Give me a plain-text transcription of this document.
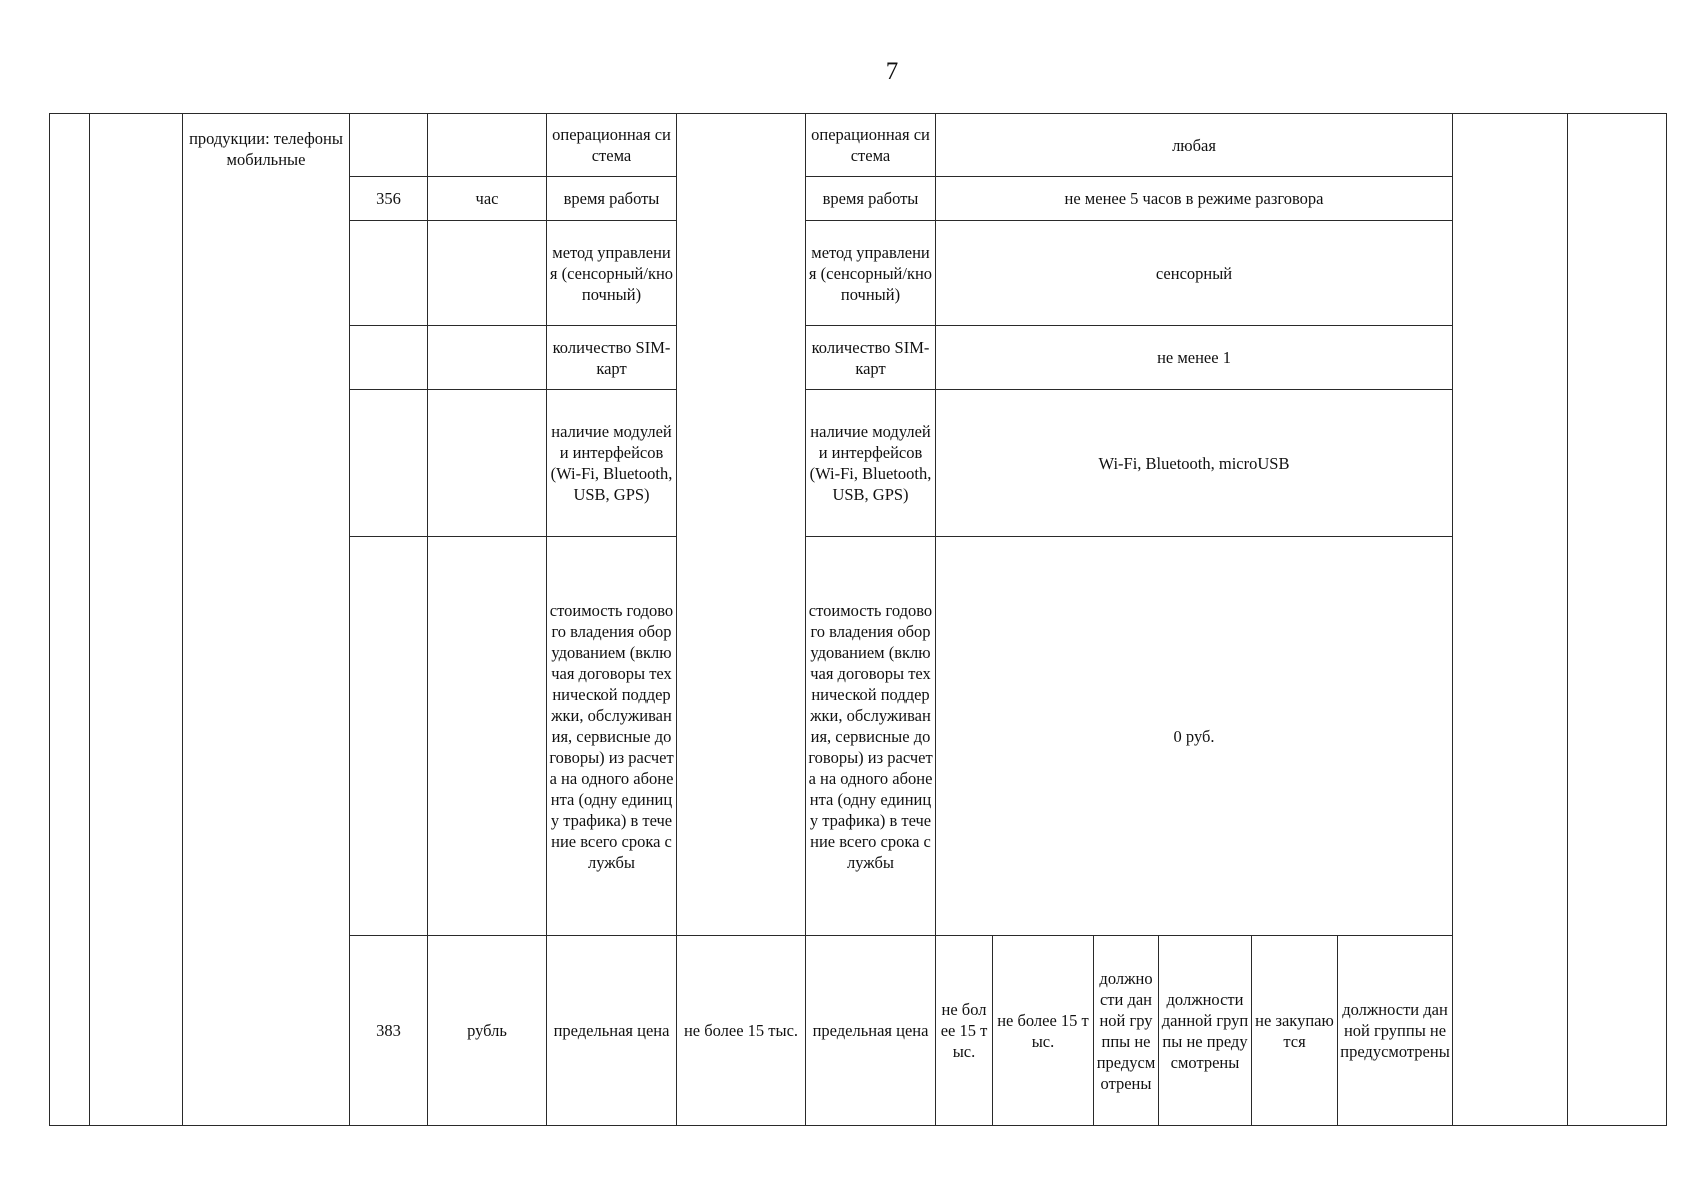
7
		продукции: телефоны мобильные			операционная система		операционная система	любая							
			356	час	время работы		время работы	не менее 5 часов в режиме разговора							
					метод управления (сенсорный/кнопочный)		метод управления (сенсорный/кнопочный)	сенсорный							
					количество SIM-карт		количество SIM-карт	не менее 1							
					наличие модулей и интерфейсов (Wi-Fi, Bluetooth, USB, GPS)		наличие модулей и интерфейсов (Wi-Fi, Bluetooth, USB, GPS)	Wi-Fi, Bluetooth, microUSB							
					стоимость годового владения оборудованием (включая договоры технической поддержки, обслуживания, сервисные договоры) из расчета на одного абонента (одну единицу трафика) в течение всего срока службы		стоимость годового владения оборудованием (включая договоры технической поддержки, обслуживания, сервисные договоры) из расчета на одного абонента (одну единицу трафика) в течение всего срока службы	0 руб.							
			383	рубль	предельная цена	не более 15 тыс.	предельная цена	не более 15 тыс.	не более 15 тыс.	должности данной группы не предусмотрены	должности данной группы не предусмотрены	не закупаются	должности данной группы не предусмотрены		
